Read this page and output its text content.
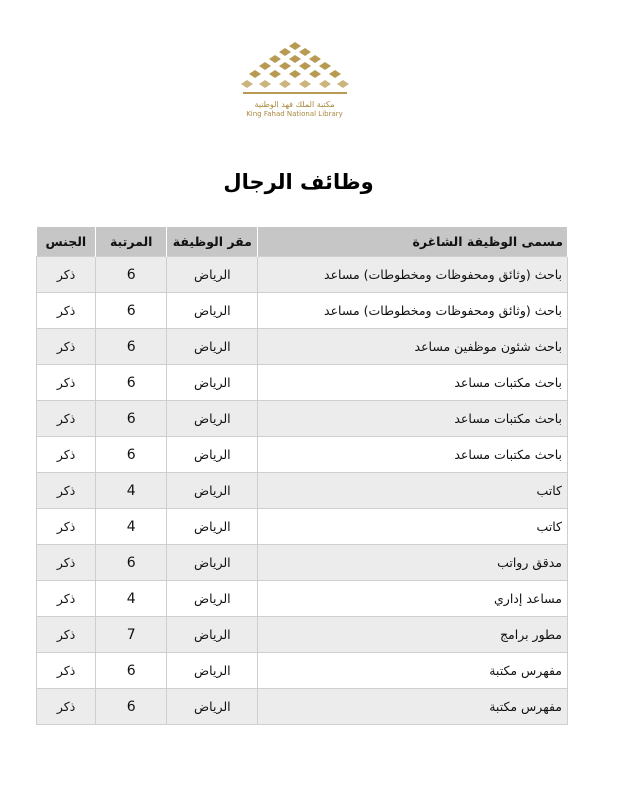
مكتبة الملك فهد الوطنية
King Fahad National Library
وظائف الرجال
مسمى الوظيفة الشاغرة	مقر الوظيفة	المرتبة	الجنس
باحث (وثائق ومحفوظات ومخطوطات) مساعد	الرياض	6	ذكر
باحث (وثائق ومحفوظات ومخطوطات) مساعد	الرياض	6	ذكر
باحث شئون موظفين مساعد	الرياض	6	ذكر
باحث مكتبات مساعد	الرياض	6	ذكر
باحث مكتبات مساعد	الرياض	6	ذكر
باحث مكتبات مساعد	الرياض	6	ذكر
كاتب	الرياض	4	ذكر
كاتب	الرياض	4	ذكر
مدقق رواتب	الرياض	6	ذكر
مساعد إداري	الرياض	4	ذكر
مطور برامج	الرياض	7	ذكر
مفهرس مكتبة	الرياض	6	ذكر
مفهرس مكتبة	الرياض	6	ذكر
